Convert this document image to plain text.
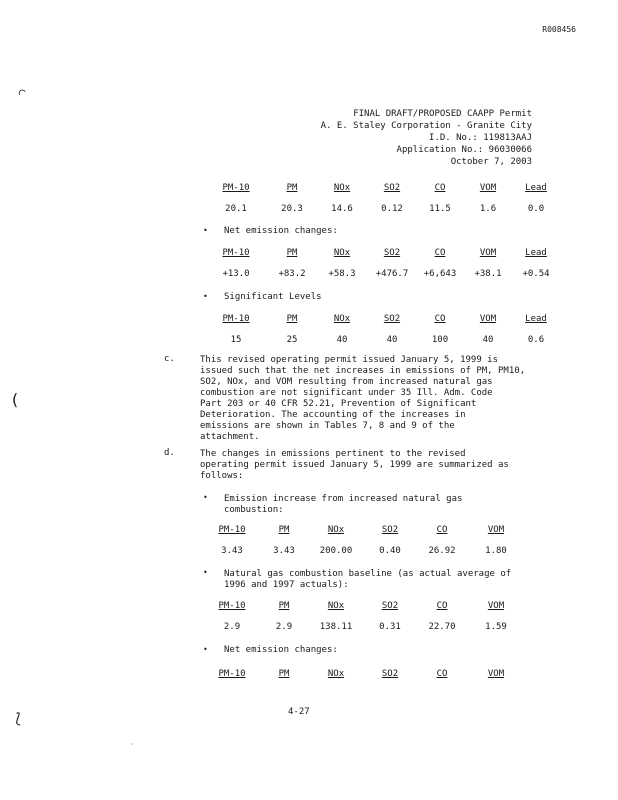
R008456
⌒
(
⟅
FINAL DRAFT/PROPOSED CAAPP Permit
A. E. Staley Corporation - Granite City
I.D. No.: 119813AAJ
Application No.: 96030066
October 7, 2003
PM-10	PM	NOx	SO2	CO	VOM	Lead
20.1	20.3	14.6	0.12	11.5	1.6	0.0
• Net emission changes:
PM-10	PM	NOx	SO2	CO	VOM	Lead
+13.0	+83.2	+58.3	+476.7	+6,643	+38.1	+0.54
• Significant Levels
PM-10	PM	NOx	SO2	CO	VOM	Lead
15	25	40	40	100	40	0.6
c.	This revised operating permit issued January 5, 1999 is
issued such that the net increases in emissions of PM, PM10,
SO2, NOx, and VOM resulting from increased natural gas
combustion are not significant under 35 Ill. Adm. Code
Part 203 or 40 CFR 52.21, Prevention of Significant
Deterioration. The accounting of the increases in
emissions are shown in Tables 7, 8 and 9 of the
attachment.
d.	The changes in emissions pertinent to the revised
operating permit issued January 5, 1999 are summarized as
follows:
• Emission increase from increased natural gas
combustion:
PM-10	PM	NOx	SO2	CO	VOM
3.43	3.43	200.00	0.40	26.92	1.80
• Natural gas combustion baseline (as actual average of
1996 and 1997 actuals):
PM-10	PM	NOx	SO2	CO	VOM
2.9	2.9	138.11	0.31	22.70	1.59
• Net emission changes:
PM-10	PM	NOx	SO2	CO	VOM
4-27
·
